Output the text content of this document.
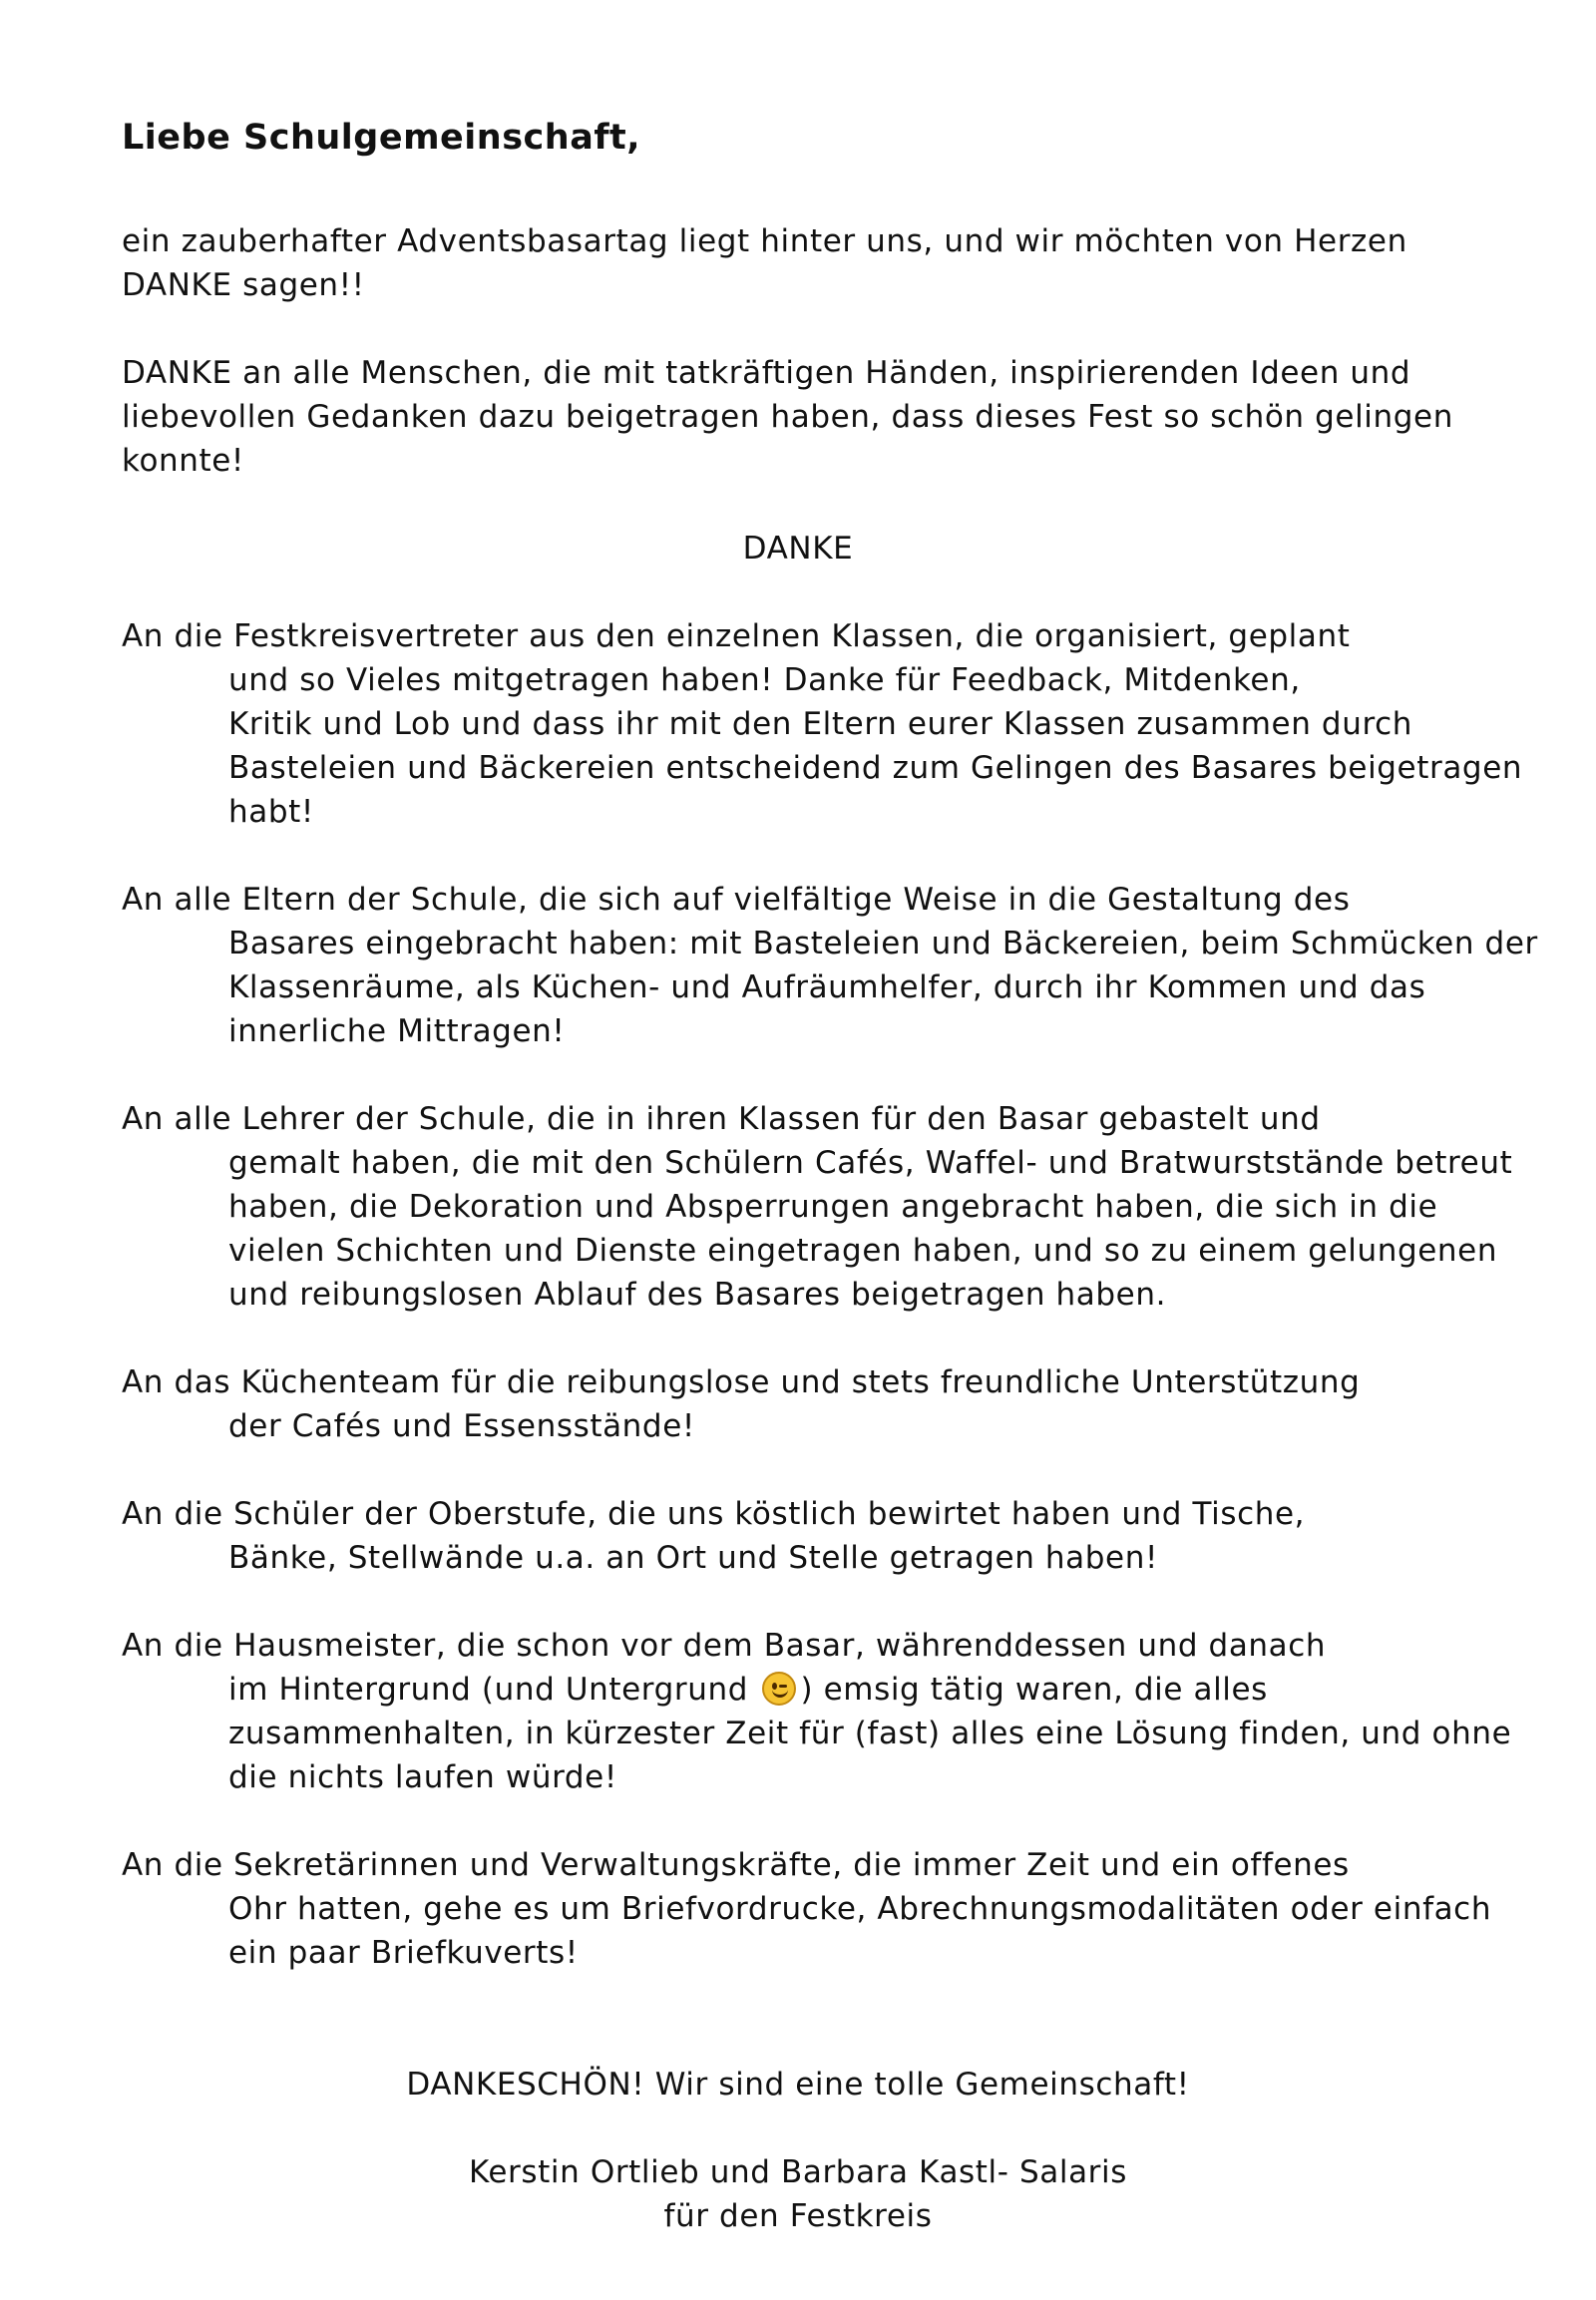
Liebe Schulgemeinschaft,
ein zauberhafter Adventsbasartag liegt hinter uns, und wir möchten von Herzen
DANKE sagen!!
DANKE an alle Menschen, die mit tatkräftigen Händen, inspirierenden Ideen und
liebevollen Gedanken dazu beigetragen haben, dass dieses Fest so schön gelingen
konnte!
DANKE
An die Festkreisvertreter aus den einzelnen Klassen, die organisiert, geplant
und so Vieles mitgetragen haben! Danke für Feedback, Mitdenken,
Kritik und Lob und dass ihr mit den Eltern eurer Klassen zusammen durch
Basteleien und Bäckereien entscheidend zum Gelingen des Basares beigetragen
habt!
An alle Eltern der Schule, die sich auf vielfältige Weise in die Gestaltung des
Basares eingebracht haben: mit Basteleien und Bäckereien, beim Schmücken der
Klassenräume, als Küchen- und Aufräumhelfer, durch ihr Kommen und das
innerliche Mittragen!
An alle Lehrer der Schule, die in ihren Klassen für den Basar gebastelt und
gemalt haben, die mit den Schülern Cafés, Waffel- und Bratwurststände betreut
haben, die Dekoration und Absperrungen angebracht haben, die sich in die
vielen Schichten und Dienste eingetragen haben, und so zu einem gelungenen
und reibungslosen Ablauf des Basares beigetragen haben.
An das Küchenteam für die reibungslose und stets freundliche Unterstützung
der Cafés und Essensstände!
An die Schüler der Oberstufe, die uns köstlich bewirtet haben und Tische,
Bänke, Stellwände u.a. an Ort und Stelle getragen haben!
An die Hausmeister, die schon vor dem Basar, währenddessen und danach
im Hintergrund (und Untergrund ) emsig tätig waren, die alles
zusammenhalten, in kürzester Zeit für (fast) alles eine Lösung finden, und ohne
die nichts laufen würde!
An die Sekretärinnen und Verwaltungskräfte, die immer Zeit und ein offenes
Ohr hatten, gehe es um Briefvordrucke, Abrechnungsmodalitäten oder einfach
ein paar Briefkuverts!
DANKESCHÖN! Wir sind eine tolle Gemeinschaft!
Kerstin Ortlieb und Barbara Kastl- Salaris
für den Festkreis
